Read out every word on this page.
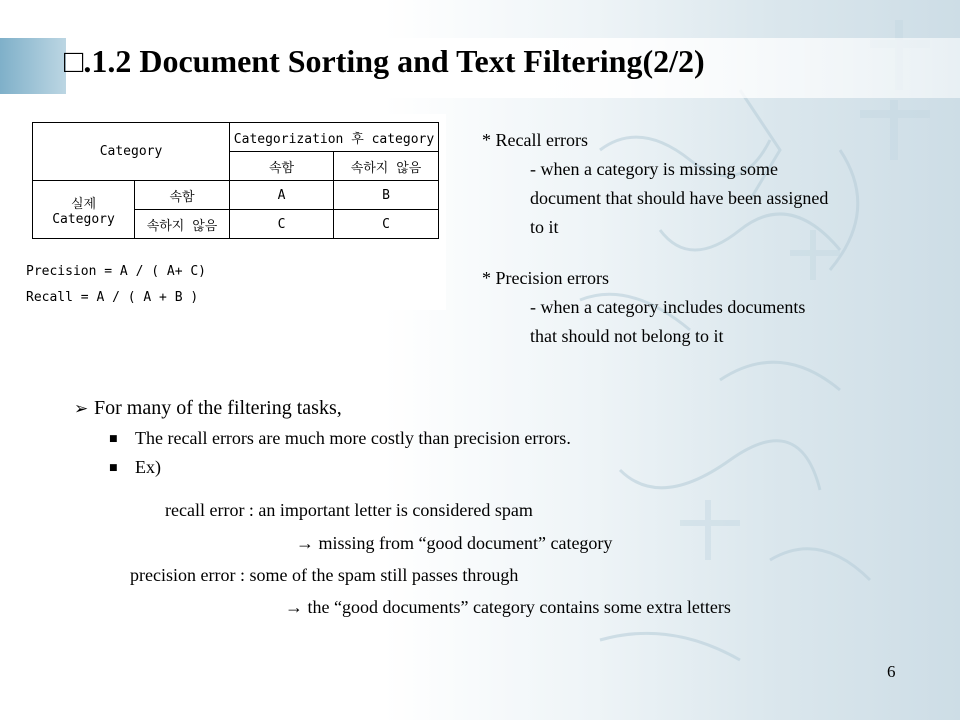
□.1.2 Document Sorting and Text Filtering(2/2)
Category		Categorization 후 category	
		속함	속하지 않음
실제
Category	속함	A	B
	속하지 않음	C	C
Precision = A / ( A+ C)
Recall = A / ( A + B )

* Recall errors

- when a category is missing some

document that should have been assigned

to it

* Precision errors

- when a category includes documents

that should not belong to it

➢ For many of the filtering tasks,
■ The recall errors are much more costly than precision errors.
■ Ex)
recall error : an important letter is considered spam
→ missing from “good document” category
precision error : some of the spam still passes through
→ the “good documents” category contains some extra letters
6
